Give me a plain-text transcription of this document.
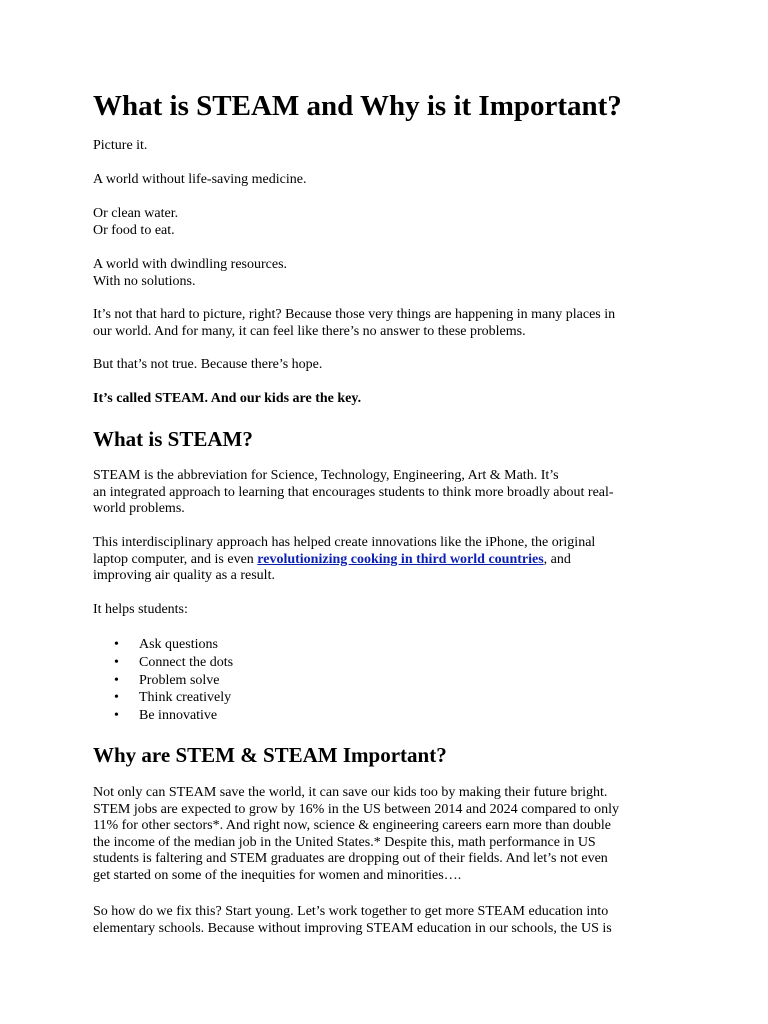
What is STEAM and Why is it Important?

Picture it.

A world without life-saving medicine.

Or clean water.
Or food to eat.

A world with dwindling resources.
With no solutions.

It’s not that hard to picture, right? Because those very things are happening in many places in
our world. And for many, it can feel like there’s no answer to these problems.

But that’s not true. Because there’s hope.

It’s called STEAM. And our kids are the key.

What is STEAM?

STEAM is the abbreviation for Science, Technology, Engineering, Art & Math. It’s
an integrated approach to learning that encourages students to think more broadly about real-
world problems.

This interdisciplinary approach has helped create innovations like the iPhone, the original
laptop computer, and is even revolutionizing cooking in third world countries, and
improving air quality as a result.

It helps students:

• Ask questions
• Connect the dots
• Problem solve
• Think creatively
• Be innovative
Why are STEM & STEAM Important?

Not only can STEAM save the world, it can save our kids too by making their future bright.
STEM jobs are expected to grow by 16% in the US between 2014 and 2024 compared to only
11% for other sectors*. And right now, science & engineering careers earn more than double
the income of the median job in the United States.* Despite this, math performance in US
students is faltering and STEM graduates are dropping out of their fields. And let’s not even
get started on some of the inequities for women and minorities….

So how do we fix this? Start young. Let’s work together to get more STEAM education into
elementary schools. Because without improving STEAM education in our schools, the US is
